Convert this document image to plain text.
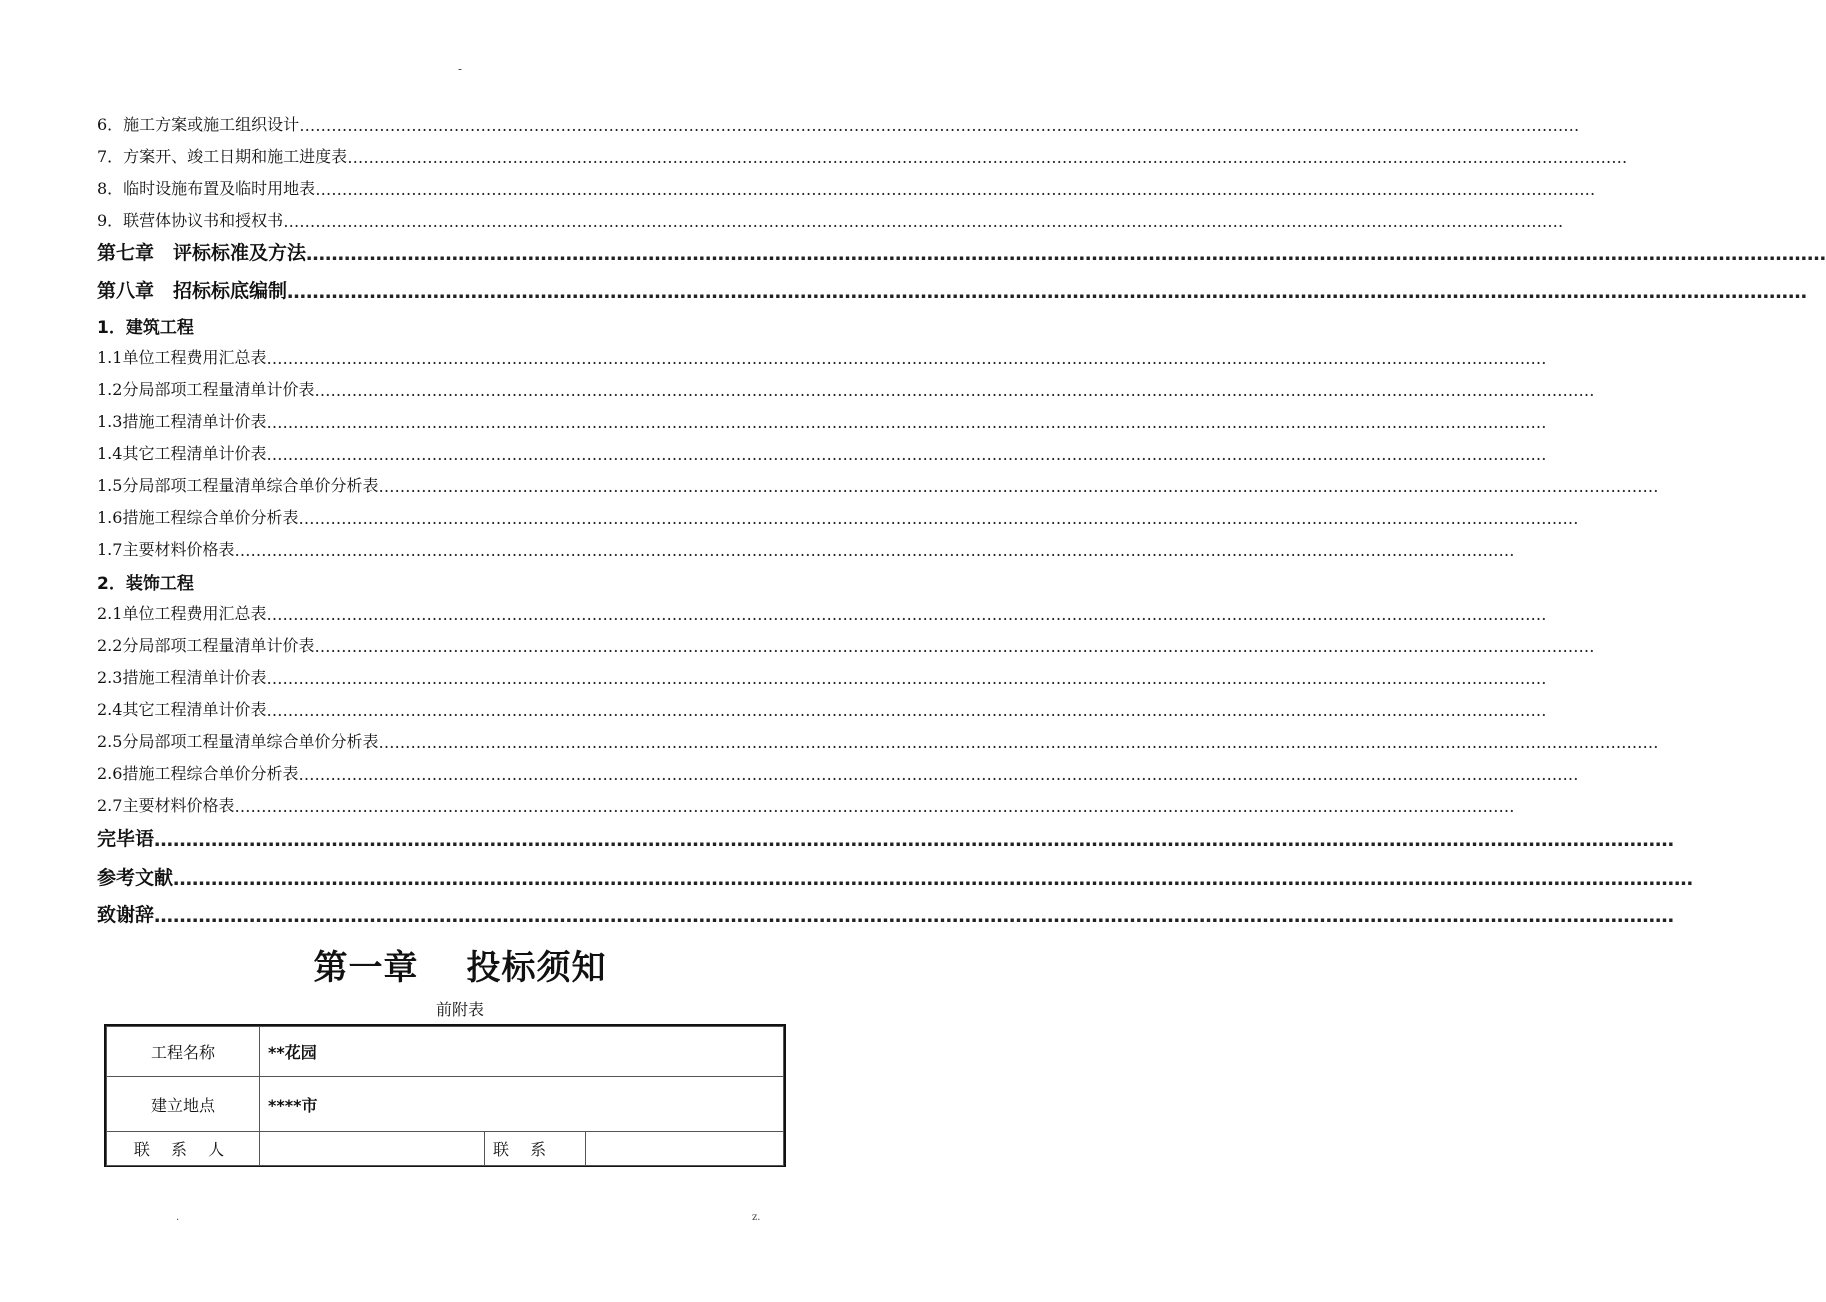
-
6．施工方案或施工组织设计 ……………………………………………………………………………………………………………………………………………………………………………………………………………………
7．方案开、竣工日期和施工进度表 ……………………………………………………………………………………………………………………………………………………………………………………………………………………
8．临时设施布置及临时用地表 ……………………………………………………………………………………………………………………………………………………………………………………………………………………
9．联营体协议书和授权书 ……………………………………………………………………………………………………………………………………………………………………………………………………………………
第七章　评标标准及方法 ……………………………………………………………………………………………………………………………………………………………………………………………………………………
第八章　招标标底编制 ……………………………………………………………………………………………………………………………………………………………………………………………………………………
1．建筑工程
1.1单位工程费用汇总表 ……………………………………………………………………………………………………………………………………………………………………………………………………………………
1.2分局部项工程量清单计价表 ……………………………………………………………………………………………………………………………………………………………………………………………………………………
1.3措施工程清单计价表 ……………………………………………………………………………………………………………………………………………………………………………………………………………………
1.4其它工程清单计价表 ……………………………………………………………………………………………………………………………………………………………………………………………………………………
1.5分局部项工程量清单综合单价分析表 ……………………………………………………………………………………………………………………………………………………………………………………………………………………
1.6措施工程综合单价分析表 ……………………………………………………………………………………………………………………………………………………………………………………………………………………
1.7主要材料价格表 ……………………………………………………………………………………………………………………………………………………………………………………………………………………
2．装饰工程
2.1单位工程费用汇总表 ……………………………………………………………………………………………………………………………………………………………………………………………………………………
2.2分局部项工程量清单计价表 ……………………………………………………………………………………………………………………………………………………………………………………………………………………
2.3措施工程清单计价表 ……………………………………………………………………………………………………………………………………………………………………………………………………………………
2.4其它工程清单计价表 ……………………………………………………………………………………………………………………………………………………………………………………………………………………
2.5分局部项工程量清单综合单价分析表 ……………………………………………………………………………………………………………………………………………………………………………………………………………………
2.6措施工程综合单价分析表 ……………………………………………………………………………………………………………………………………………………………………………………………………………………
2.7主要材料价格表 ……………………………………………………………………………………………………………………………………………………………………………………………………………………
完毕语 ……………………………………………………………………………………………………………………………………………………………………………………………………………………
参考文献 ……………………………………………………………………………………………………………………………………………………………………………………………………………………
致谢辞 ……………………………………………………………………………………………………………………………………………………………………………………………………………………
第一章 投标须知
前附表
工程名称	**花园		
建立地点	****市		
联 系 人		联 系	
.	z.
